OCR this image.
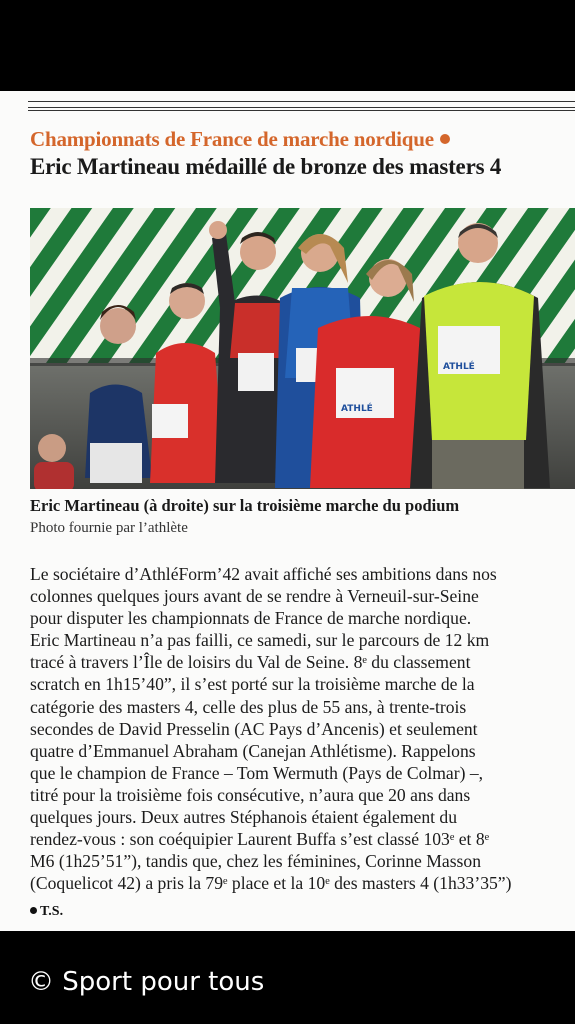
Championnats de France de marche nordique
Eric Martineau médaillé de bronze des masters 4
ATHLÉ
ATHLÉ
Eric Martineau (à droite) sur la troisième marche du podium
Photo fournie par l’athlète
Le sociétaire d’AthléForm’42 avait affiché ses ambitions dans nos
colonnes quelques jours avant de se rendre à Verneuil-sur-Seine
pour disputer les championnats de France de marche nordique.
Eric Martineau n’a pas failli, ce samedi, sur le parcours de 12 km
tracé à travers l’Île de loisirs du Val de Seine. 8ᵉ du classement
scratch en 1h15’40”, il s’est porté sur la troisième marche de la
catégorie des masters 4, celle des plus de 55 ans, à trente-trois
secondes de David Presselin (AC Pays d’Ancenis) et seulement
quatre d’Emmanuel Abraham (Canejan Athlétisme). Rappelons
que le champion de France – Tom Wermuth (Pays de Colmar) –,
titré pour la troisième fois consécutive, n’aura que 20 ans dans
quelques jours. Deux autres Stéphanois étaient également du
rendez-vous : son coéquipier Laurent Buffa s’est classé 103ᵉ et 8ᵉ
M6 (1h25’51”), tandis que, chez les féminines, Corinne Masson
(Coquelicot 42) a pris la 79ᵉ place et la 10ᵉ des masters 4 (1h33’35”)
T.S.
© Sport pour tous
